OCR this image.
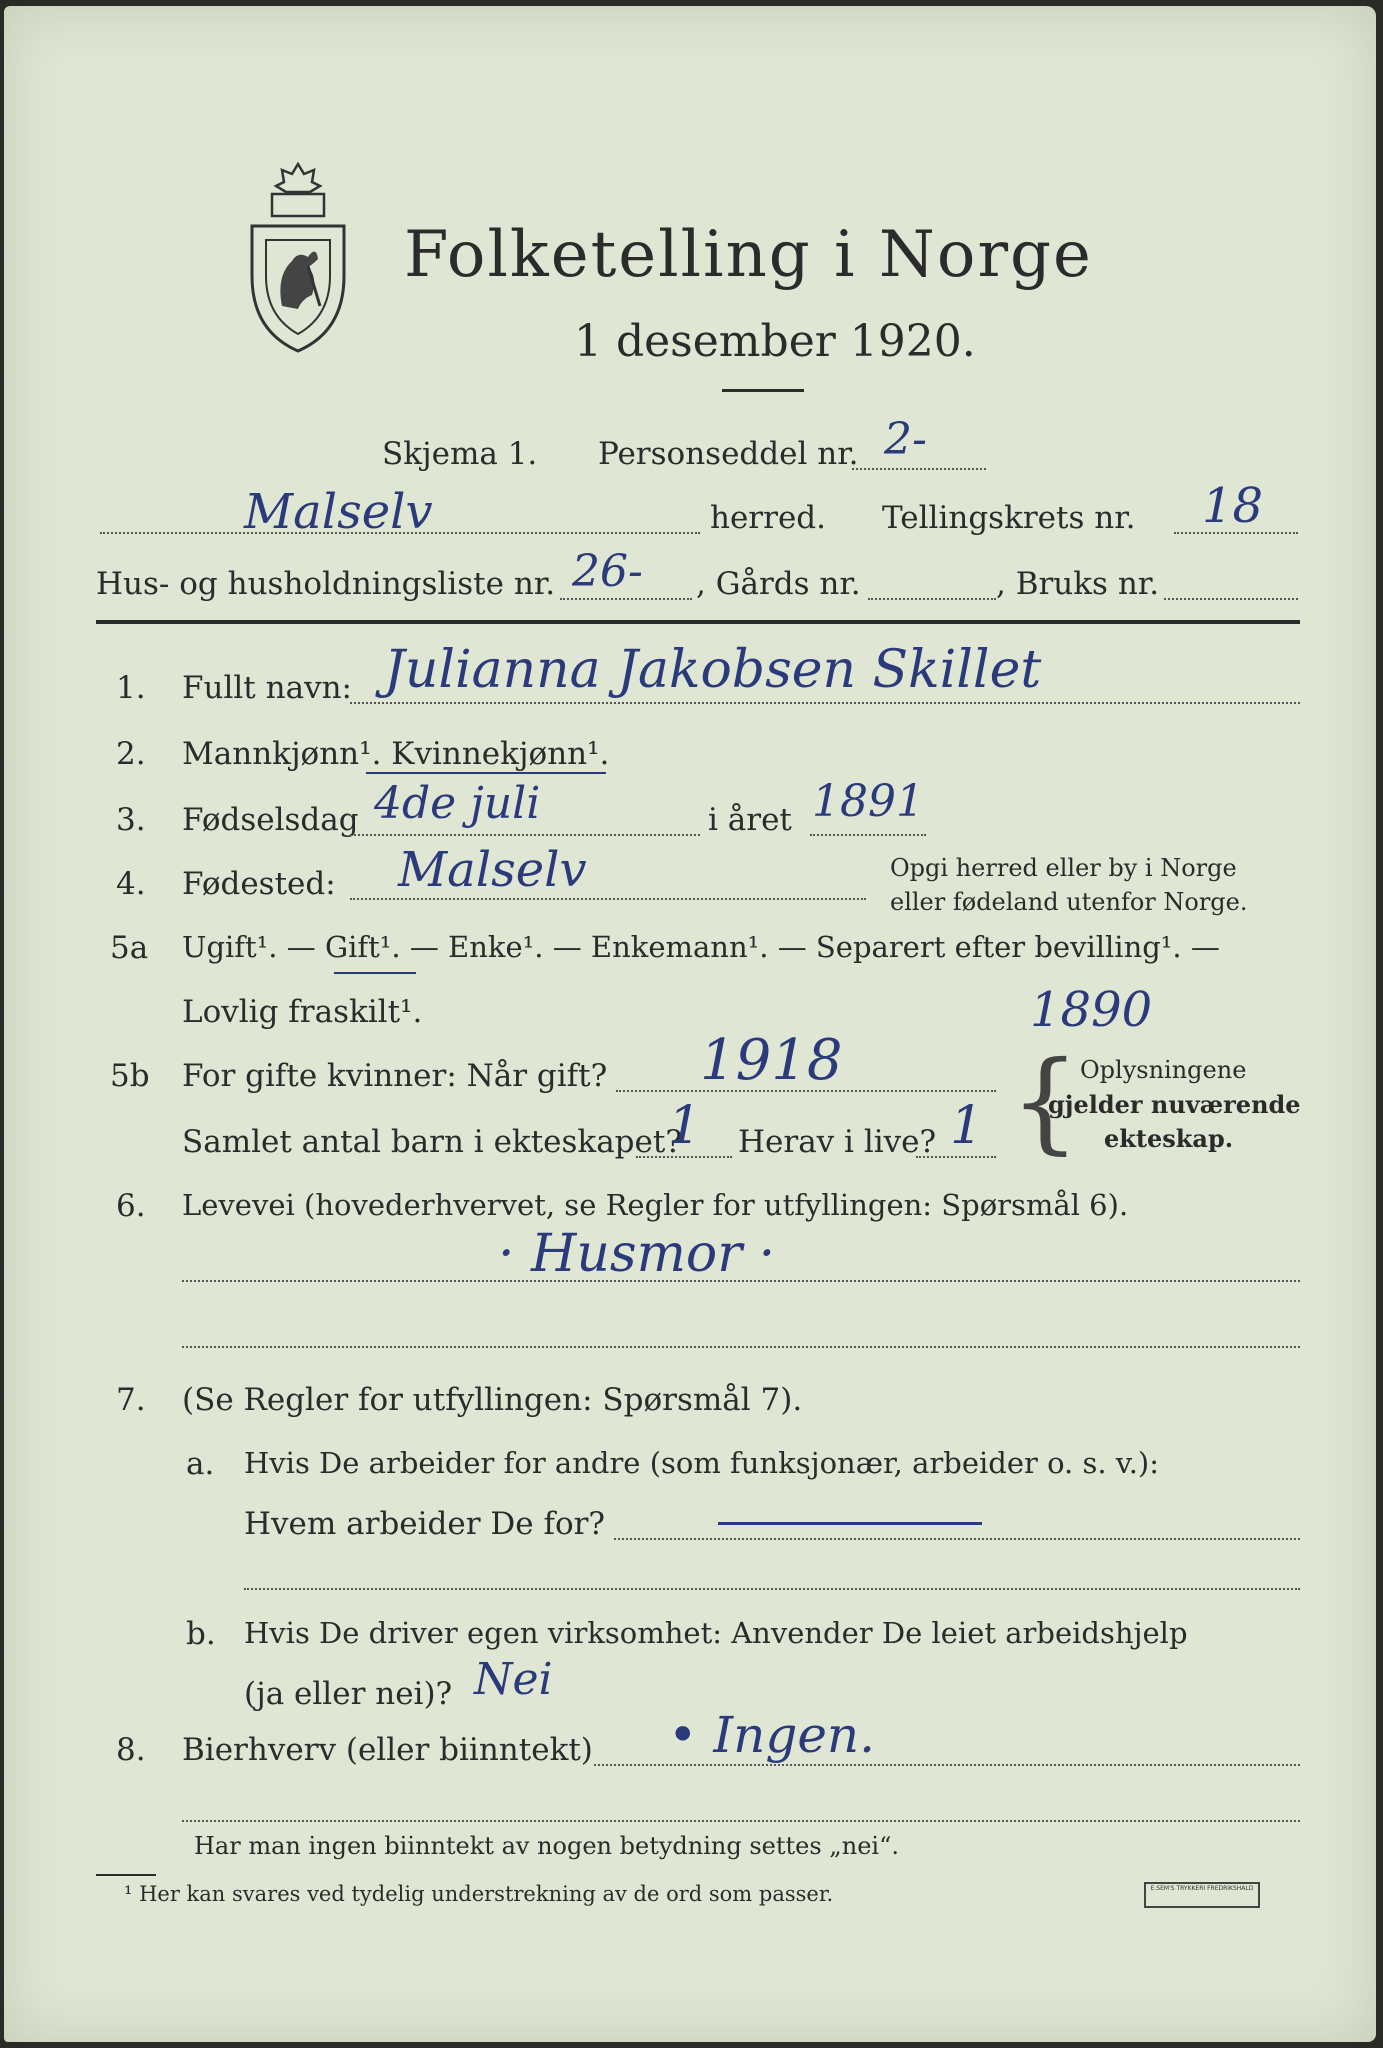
Folketelling i Norge
1 desember 1920.
Skjema 1. Personseddel nr. 2-
Malselv	herred. Tellingskrets nr. 18
Hus- og husholdningsliste nr. 26- , Gårds nr.	, Bruks nr.
1. Fullt navn: Julianna Jakobsen Skillet
2. Mannkjønn¹. Kvinnekjønn¹.
3. Fødselsdag 4de juli	i året 1891
4. Fødested: Malselv	Opgi herred eller by i Norge
eller fødeland utenfor Norge.
5a Ugift¹. — Gift¹. — Enke¹. — Enkemann¹. — Separert efter bevilling¹. —
Lovlig fraskilt¹.	1890
5b For gifte kvinner: Når gift? 1918
Samlet antal barn i ekteskapet?
1 Herav i live? 1 { Oplysningene
gjelder nuværende
ekteskap.
6. Levevei (hovederhvervet, se Regler for utfyllingen: Spørsmål 6).
· Husmor ·
7. (Se Regler for utfyllingen: Spørsmål 7).
a. Hvis De arbeider for andre (som funksjonær, arbeider o. s. v.):
Hvem arbeider De for?
b. Hvis De driver egen virksomhet: Anvender De leiet arbeidshjelp
(ja eller nei)? Nei
8. Bierhverv (eller biinntekt) • Ingen.
Har man ingen biinntekt av nogen betydning settes „nei“.
¹ Her kan svares ved tydelig understrekning av de ord som passer.	E.SEM'S TRYKKERI FREDRIKSHALD
